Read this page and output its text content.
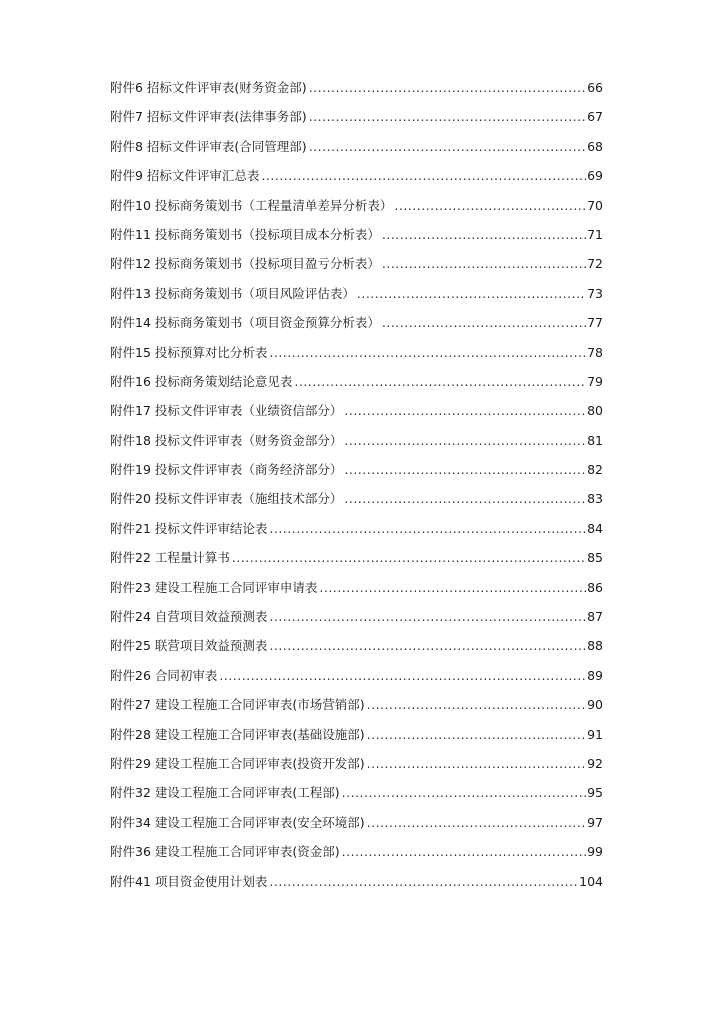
附件6 招标文件评审表(财务资金部) .....	66
附件7 招标文件评审表(法律事务部) .....	67
附件8 招标文件评审表(合同管理部) .....	68
附件9 招标文件评审汇总表 .....	69
附件10 投标商务策划书（工程量清单差异分析表） .....	70
附件11 投标商务策划书（投标项目成本分析表） .....	71
附件12 投标商务策划书（投标项目盈亏分析表） .....	72
附件13 投标商务策划书（项目风险评估表） .....	73
附件14 投标商务策划书（项目资金预算分析表） .....	77
附件15 投标预算对比分析表 .....	78
附件16 投标商务策划结论意见表 .....	79
附件17 投标文件评审表（业绩资信部分） .....	80
附件18 投标文件评审表（财务资金部分） .....	81
附件19 投标文件评审表（商务经济部分） .....	82
附件20 投标文件评审表（施组技术部分） .....	83
附件21 投标文件评审结论表 .....	84
附件22 工程量计算书 .....	85
附件23 建设工程施工合同评审申请表 .....	86
附件24 自营项目效益预测表 .....	87
附件25 联营项目效益预测表 .....	88
附件26 合同初审表 .....	89
附件27 建设工程施工合同评审表(市场营销部) .....	90
附件28 建设工程施工合同评审表(基础设施部) .....	91
附件29 建设工程施工合同评审表(投资开发部) .....	92
附件32 建设工程施工合同评审表(工程部) .....	95
附件34 建设工程施工合同评审表(安全环境部) .....	97
附件36 建设工程施工合同评审表(资金部) .....	99
附件41 项目资金使用计划表 .....	104
